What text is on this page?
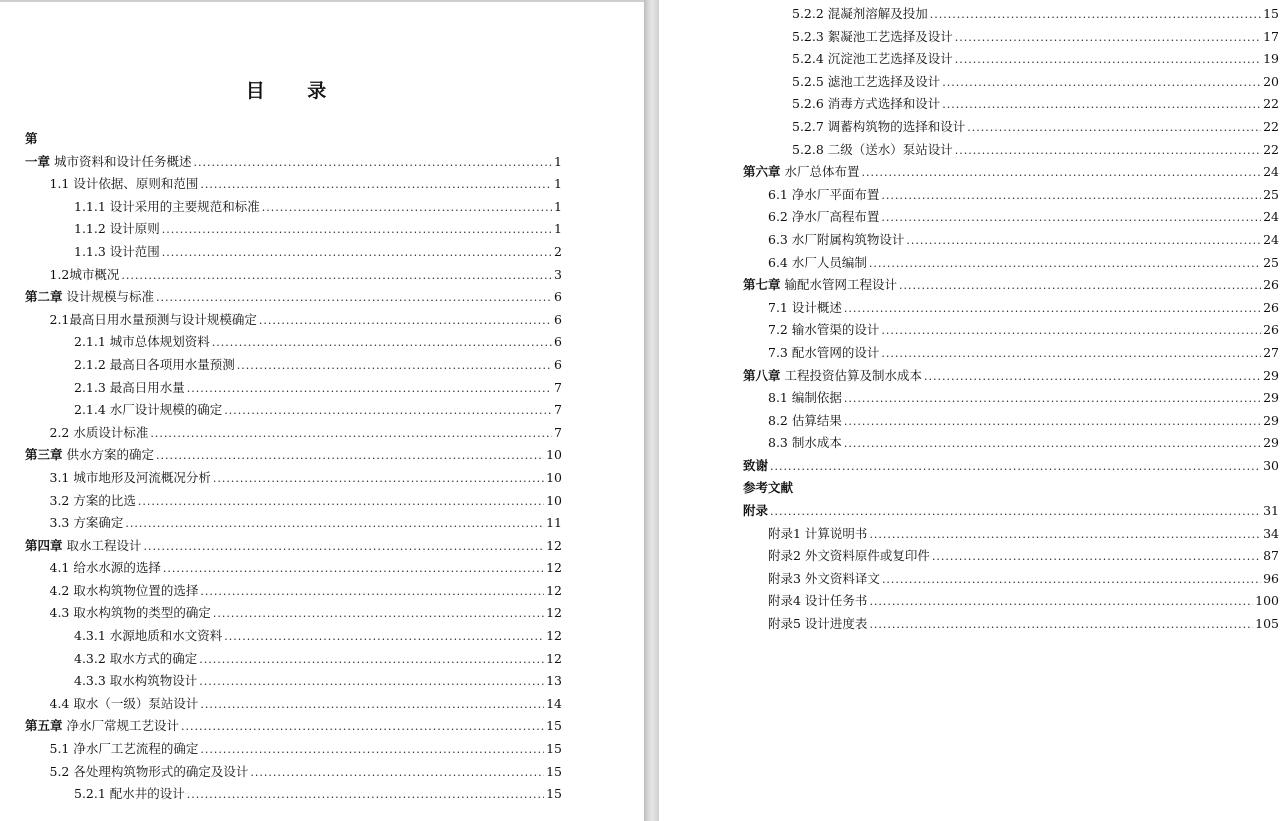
目 录
第
一章 城市资料和设计任务概述 .....	1
1.1 设计依据、原则和范围 .....	1
1.1.1 设计采用的主要规范和标准 .....	1
1.1.2 设计原则 .....	1
1.1.3 设计范围 .....	2
1.2城市概况 .....	3
第二章 设计规模与标准 .....	6
2.1最高日用水量预测与设计规模确定 .....	6
2.1.1 城市总体规划资料 .....	6
2.1.2 最高日各项用水量预测 .....	6
2.1.3 最高日用水量 .....	7
2.1.4 水厂设计规模的确定 .....	7
2.2 水质设计标准 .....	7
第三章 供水方案的确定 .....	10
3.1 城市地形及河流概况分析 .....	10
3.2 方案的比选 .....	10
3.3 方案确定 .....	11
第四章 取水工程设计 .....	12
4.1 给水水源的选择 .....	12
4.2 取水构筑物位置的选择 .....	12
4.3 取水构筑物的类型的确定 .....	12
4.3.1 水源地质和水文资料 .....	12
4.3.2 取水方式的确定 .....	12
4.3.3 取水构筑物设计 .....	13
4.4 取水（一级）泵站设计 .....	14
第五章 净水厂常规工艺设计 .....	15
5.1 净水厂工艺流程的确定 .....	15
5.2 各处理构筑物形式的确定及设计 .....	15
5.2.1 配水井的设计 .....	15
5.2.2 混凝剂溶解及投加 .....	15
5.2.3 絮凝池工艺选择及设计 .....	17
5.2.4 沉淀池工艺选择及设计 .....	19
5.2.5 滤池工艺选择及设计 .....	20
5.2.6 消毒方式选择和设计 .....	22
5.2.7 调蓄构筑物的选择和设计 .....	22
5.2.8 二级（送水）泵站设计 .....	22
第六章 水厂总体布置 .....	24
6.1 净水厂平面布置 .....	25
6.2 净水厂高程布置 .....	24
6.3 水厂附属构筑物设计 .....	24
6.4 水厂人员编制 .....	25
第七章 输配水管网工程设计 .....	26
7.1 设计概述 .....	26
7.2 输水管渠的设计 .....	26
7.3 配水管网的设计 .....	27
第八章 工程投资估算及制水成本 .....	29
8.1 编制依据 .....	29
8.2 估算结果 .....	29
8.3 制水成本 .....	29
致谢 .....	30
参考文献
附录 .....	31
附录1 计算说明书 .....	34
附录2 外文资料原件或复印件 .....	87
附录3 外文资料译文 .....	96
附录4 设计任务书 .....	100
附录5 设计进度表 .....	105
